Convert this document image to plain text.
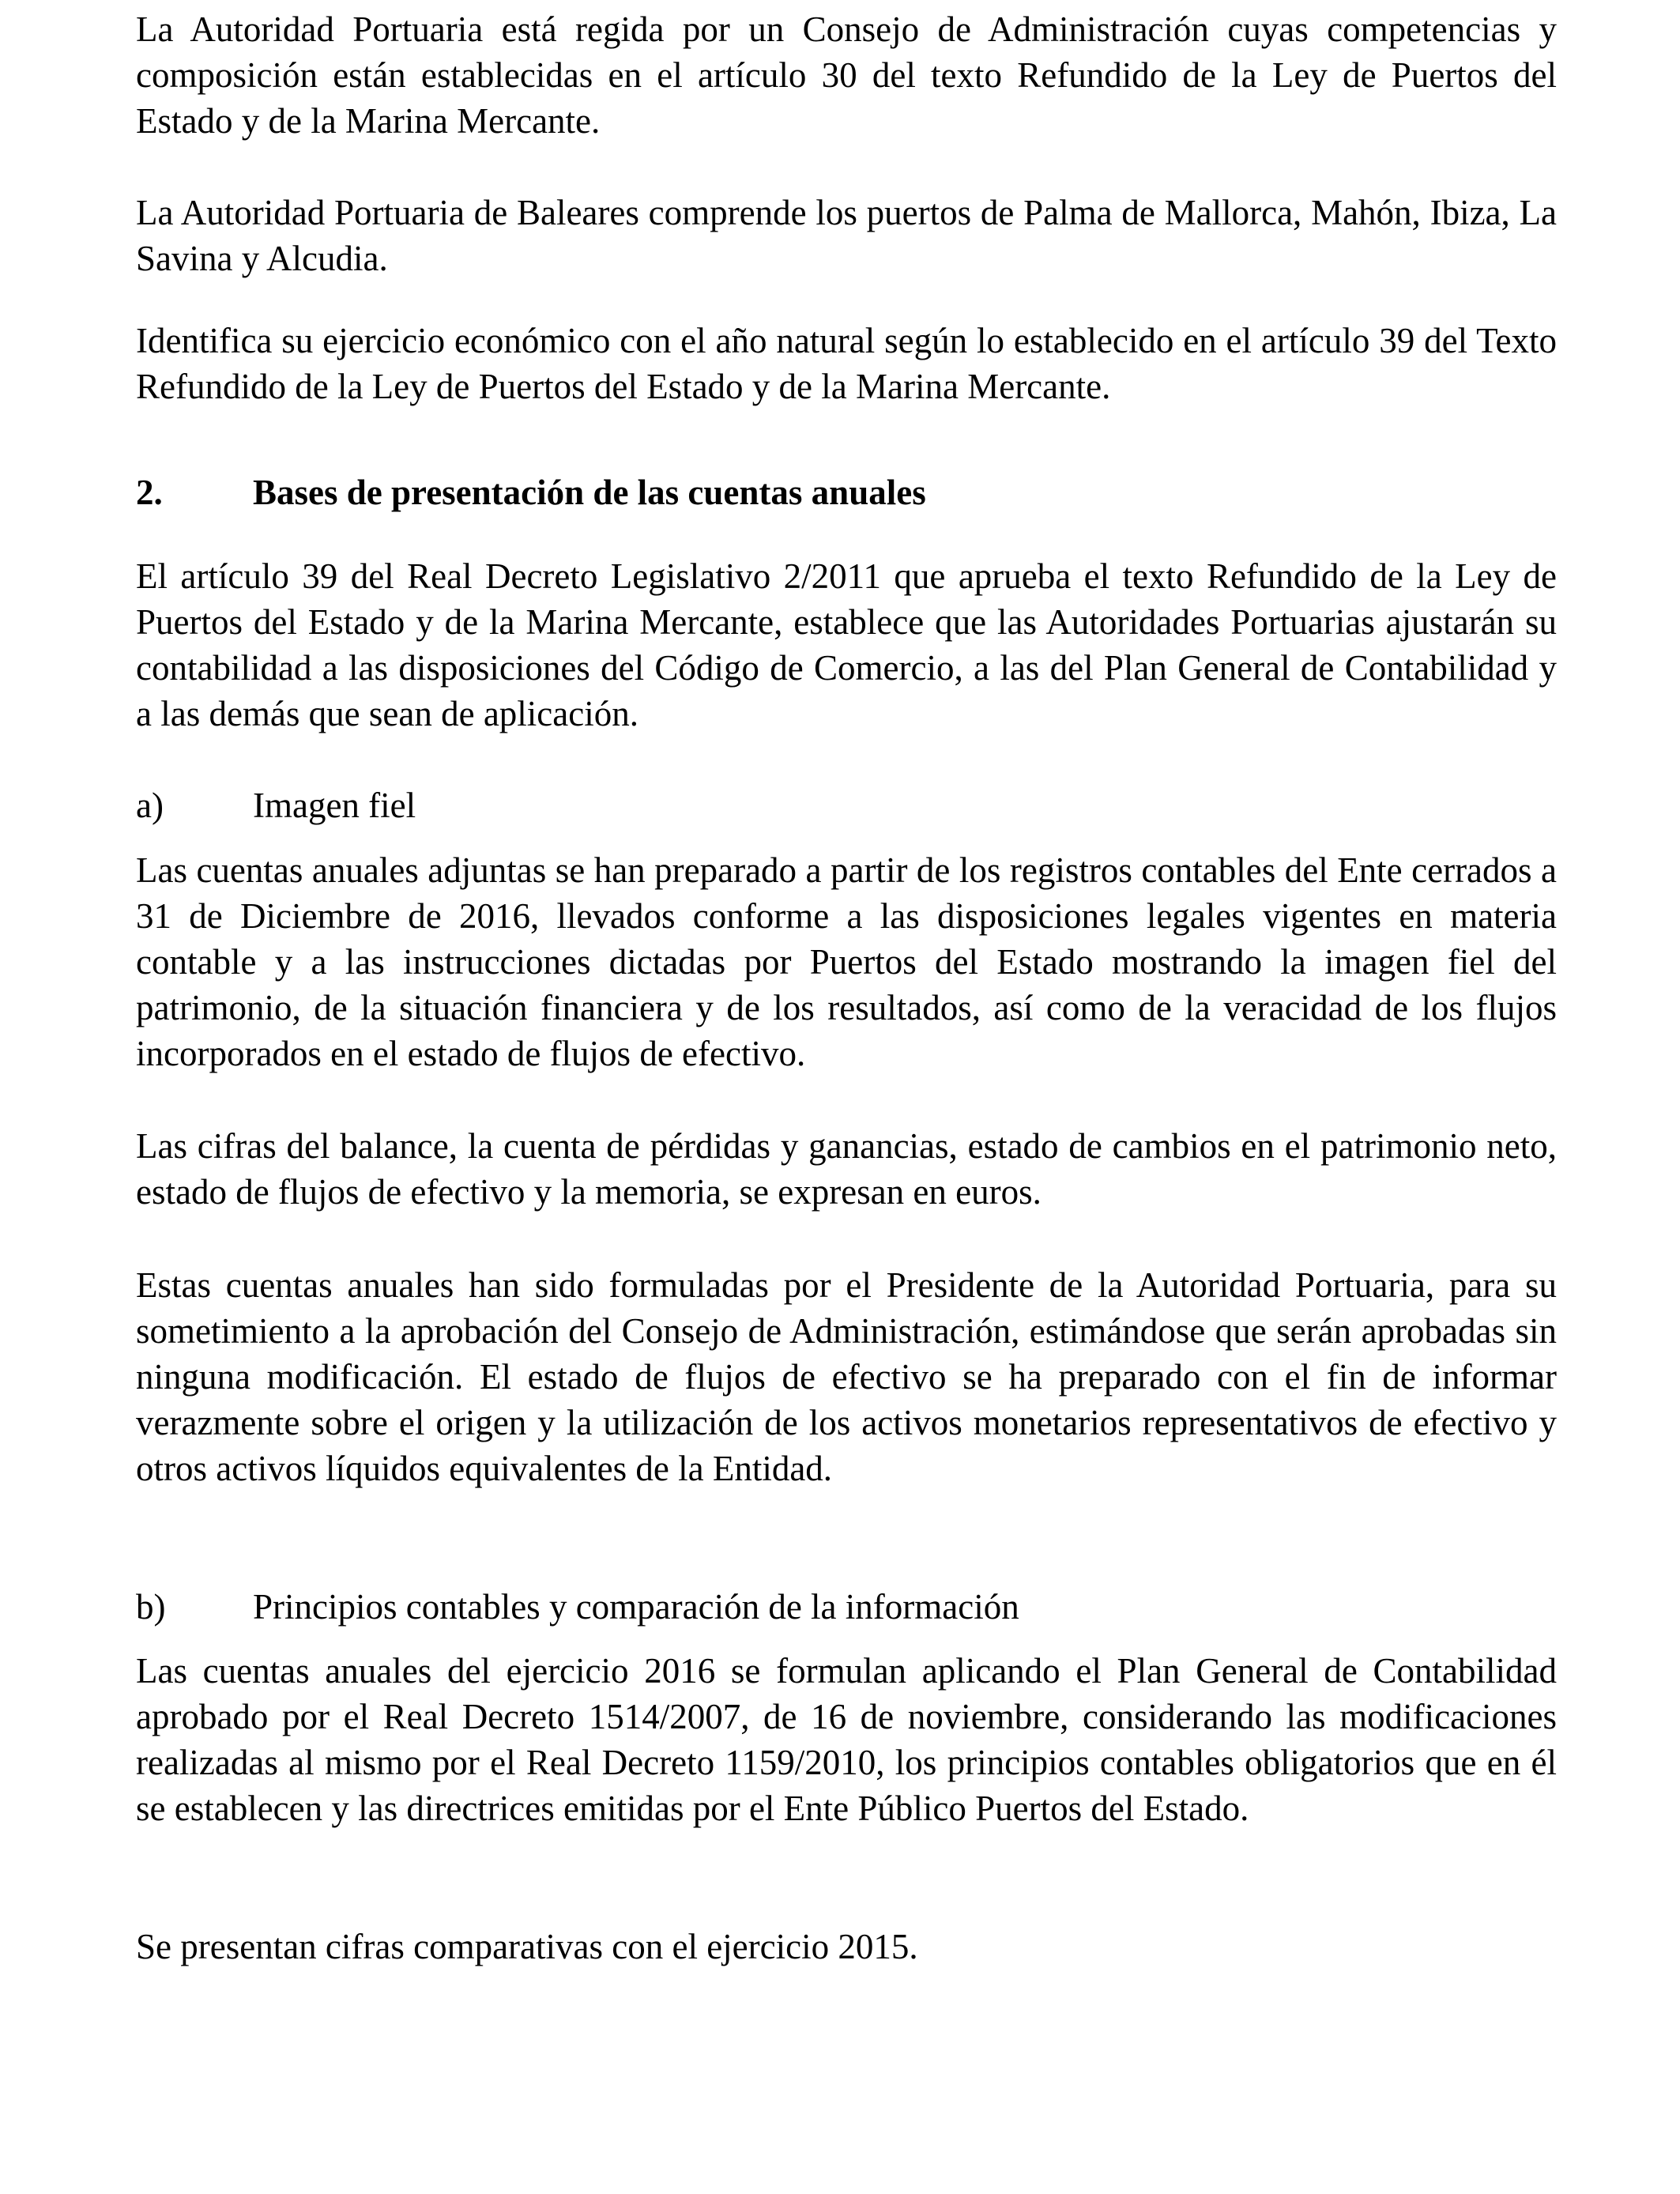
La Autoridad Portuaria está regida por un Consejo de Administración cuyas competencias y composición están establecidas en el artículo 30 del texto Refundido de la Ley de Puertos del Estado y de la Marina Mercante.

La Autoridad Portuaria de Baleares comprende los puertos de Palma de Mallorca, Mahón, Ibiza, La Savina y Alcudia.

Identifica su ejercicio económico con el año natural según lo establecido en el artículo 39 del Texto Refundido de la Ley de Puertos del Estado y de la Marina Mercante.

2.	Bases de presentación de las cuentas anuales

El artículo 39 del Real Decreto Legislativo 2/2011 que aprueba el texto Refundido de la Ley de Puertos del Estado y de la Marina Mercante, establece que las Autoridades Portuarias ajustarán su contabilidad a las disposiciones del Código de Comercio, a las del Plan General de Contabilidad y a las demás que sean de aplicación.

a)	Imagen fiel

Las cuentas anuales adjuntas se han preparado a partir de los registros contables del Ente cerrados a 31 de Diciembre de 2016, llevados conforme a las disposiciones legales vigentes en materia contable y a las instrucciones dictadas por Puertos del Estado mostrando la imagen fiel del patrimonio, de la situación financiera y de los resultados, así como de la veracidad de los flujos incorporados en el estado de flujos de efectivo.

Las cifras del balance, la cuenta de pérdidas y ganancias, estado de cambios en el patrimonio neto, estado de flujos de efectivo y la memoria, se expresan en euros.

Estas cuentas anuales han sido formuladas por el Presidente de la Autoridad Portuaria, para su sometimiento a la aprobación del Consejo de Administración, estimándose que serán aprobadas sin ninguna modificación. El estado de flujos de efectivo se ha preparado con el fin de informar verazmente sobre el origen y la utilización de los activos monetarios representativos de efectivo y otros activos líquidos equivalentes de la Entidad.

b) Principios contables y comparación de la información

Las cuentas anuales del ejercicio 2016 se formulan aplicando el Plan General de Contabilidad aprobado por el Real Decreto 1514/2007, de 16 de noviembre, considerando las modificaciones realizadas al mismo por el Real Decreto 1159/2010, los principios contables obligatorios que en él se establecen y las directrices emitidas por el Ente Público Puertos del Estado.

Se presentan cifras comparativas con el ejercicio 2015.
